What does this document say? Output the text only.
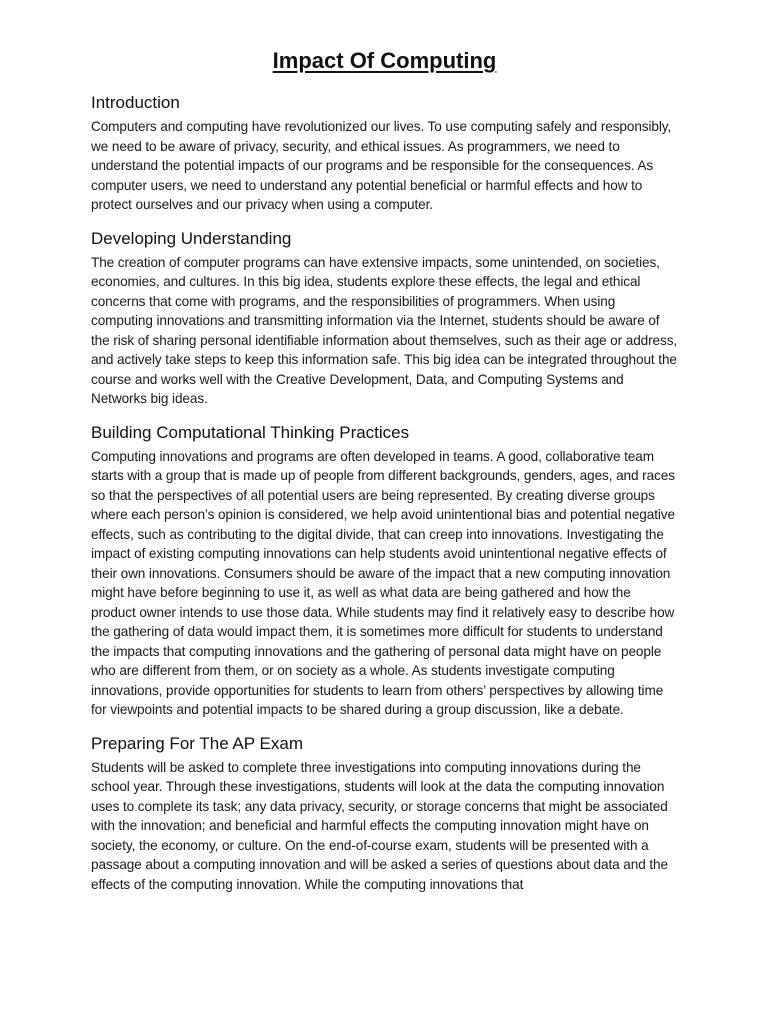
Impact Of Computing
Introduction

Computers and computing have revolutionized our lives. To use computing safely and responsibly, we need to be aware of privacy, security, and ethical issues. As programmers, we need to understand the potential impacts of our programs and be responsible for the consequences. As computer users, we need to understand any potential beneficial or harmful effects and how to protect ourselves and our privacy when using a computer.

Developing Understanding

The creation of computer programs can have extensive impacts, some unintended, on societies, economies, and cultures. In this big idea, students explore these effects, the legal and ethical concerns that come with programs, and the responsibilities of programmers. When using computing innovations and transmitting information via the Internet, students should be aware of the risk of sharing personal identifiable information about themselves, such as their age or address, and actively take steps to keep this information safe. This big idea can be integrated throughout the course and works well with the Creative Development, Data, and Computing Systems and Networks big ideas.

Building Computational Thinking Practices

Computing innovations and programs are often developed in teams. A good, collaborative team starts with a group that is made up of people from different backgrounds, genders, ages, and races so that the perspectives of all potential users are being represented. By creating diverse groups where each person’s opinion is considered, we help avoid unintentional bias and potential negative effects, such as contributing to the digital divide, that can creep into innovations. Investigating the impact of existing computing innovations can help students avoid unintentional negative effects of their own innovations. Consumers should be aware of the impact that a new computing innovation might have before beginning to use it, as well as what data are being gathered and how the product owner intends to use those data. While students may find it relatively easy to describe how the gathering of data would impact them, it is sometimes more difficult for students to understand the impacts that computing innovations and the gathering of personal data might have on people who are different from them, or on society as a whole. As students investigate computing innovations, provide opportunities for students to learn from others’ perspectives by allowing time for viewpoints and potential impacts to be shared during a group discussion, like a debate.

Preparing For The AP Exam

Students will be asked to complete three investigations into computing innovations during the school year. Through these investigations, students will look at the data the computing innovation uses to complete its task; any data privacy, security, or storage concerns that might be associated with the innovation; and beneficial and harmful effects the computing innovation might have on society, the economy, or culture. On the end-of-course exam, students will be presented with a passage about a computing innovation and will be asked a series of questions about data and the effects of the computing innovation. While the computing innovations that
